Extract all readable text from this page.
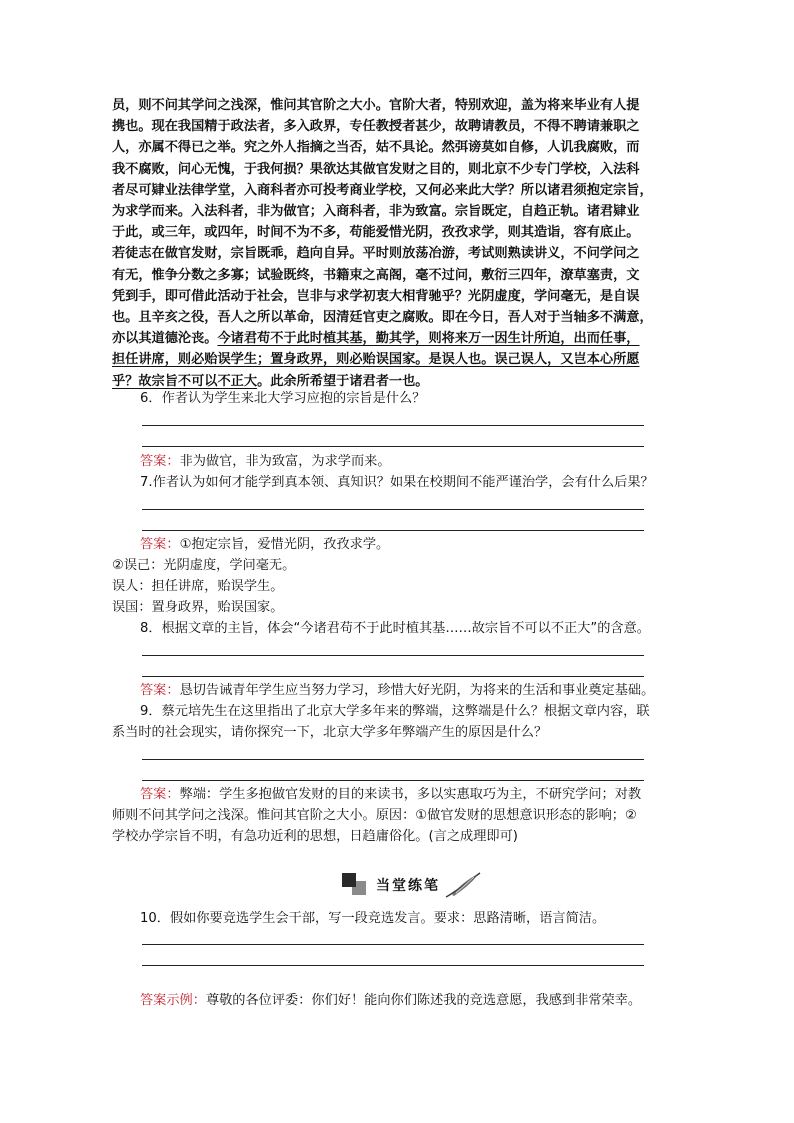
员，则不问其学问之浅深，惟问其官阶之大小。官阶大者，特别欢迎，盖为将来毕业有人提

携也。现在我国精于政法者，多入政界，专任教授者甚少，故聘请教员，不得不聘请兼职之

人，亦属不得已之举。究之外人指摘之当否，姑不具论。然弭谤莫如自修，人讥我腐败，而

我不腐败，问心无愧，于我何损？果欲达其做官发财之目的，则北京不少专门学校，入法科

者尽可肄业法律学堂，入商科者亦可投考商业学校，又何必来此大学？所以诸君须抱定宗旨，

为求学而来。入法科者，非为做官；入商科者，非为致富。宗旨既定，自趋正轨。诸君肄业

于此，或三年，或四年，时间不为不多，苟能爱惜光阴，孜孜求学，则其造诣，容有底止。

若徒志在做官发财，宗旨既乖，趋向自异。平时则放荡冶游，考试则熟读讲义，不问学问之

有无，惟争分数之多寡；试验既终，书籍束之高阁，毫不过问，敷衍三四年，潦草塞责，文

凭到手，即可借此活动于社会，岂非与求学初衷大相背驰乎？光阴虚度，学问毫无，是自误

也。且辛亥之役，吾人之所以革命，因清廷官吏之腐败。即在今日，吾人对于当轴多不满意，

亦以其道德沦丧。今诸君苟不于此时植其基，勤其学，则将来万一因生计所迫，出而任事，

担任讲席，则必贻误学生；置身政界，则必贻误国家。是误人也。误己误人，又岂本心所愿

乎？故宗旨不可以不正大。此余所希望于诸君者一也。

6．作者认为学生来北大学习应抱的宗旨是什么？
答案：非为做官，非为致富，为求学而来。
7.作者认为如何才能学到真本领、真知识？如果在校期间不能严谨治学，会有什么后果？
答案：①抱定宗旨，爱惜光阴，孜孜求学。
②误己：光阴虚度，学问毫无。
误人：担任讲席，贻误学生。
误国：置身政界，贻误国家。
8．根据文章的主旨，体会“今诸君苟不于此时植其基……故宗旨不可以不正大”的含意。
答案：恳切告诫青年学生应当努力学习，珍惜大好光阴，为将来的生活和事业奠定基础。
9．蔡元培先生在这里指出了北京大学多年来的弊端，这弊端是什么？根据文章内容，联
系当时的社会现实，请你探究一下，北京大学多年弊端产生的原因是什么？
答案：弊端：学生多抱做官发财的目的来读书，多以实惠取巧为主，不研究学问；对教
师则不问其学问之浅深。惟问其官阶之大小。原因：①做官发财的思想意识形态的影响；②
学校办学宗旨不明，有急功近利的思想，日趋庸俗化。(言之成理即可)
当堂练笔
10．假如你要竞选学生会干部，写一段竞选发言。要求：思路清晰，语言简洁。
答案示例：尊敬的各位评委：你们好！能向你们陈述我的竞选意愿，我感到非常荣幸。
